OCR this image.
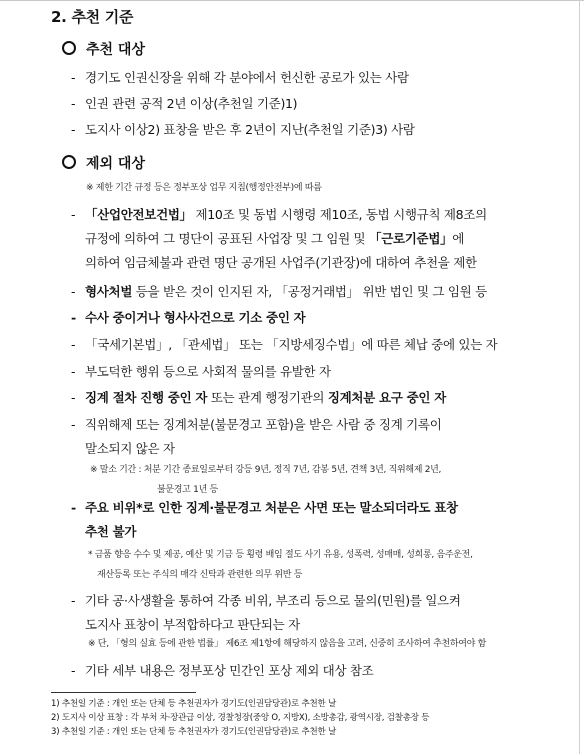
2. 추천 기준
추천 대상
- 경기도 인권신장을 위해 각 분야에서 헌신한 공로가 있는 사람
- 인권 관련 공적 2년 이상(추천일 기준)1)
- 도지사 이상2) 표창을 받은 후 2년이 지난(추천일 기준)3) 사람
제외 대상
※ 제한 기간 규정 등은 정부포상 업무 지침(행정안전부)에 따름
- 「산업안전보건법」 제10조 및 동법 시행령 제10조, 동법 시행규칙 제8조의
규정에 의하여 그 명단이 공표된 사업장 및 그 임원 및 「근로기준법」에
의하여 임금체불과 관련 명단 공개된 사업주(기관장)에 대하여 추천을 제한
- 형사처벌 등을 받은 것이 인지된 자, 「공정거래법」 위반 법인 및 그 임원 등
- 수사 중이거나 형사사건으로 기소 중인 자
- 「국세기본법」, 「관세법」 또는 「지방세징수법」에 따른 체납 중에 있는 자
- 부도덕한 행위 등으로 사회적 물의를 유발한 자
- 징계 절차 진행 중인 자 또는 관계 행정기관의 징계처분 요구 중인 자
- 직위해제 또는 징계처분(불문경고 포함)을 받은 사람 중 징계 기록이
말소되지 않은 자
※ 말소 기간 : 처분 기간 종료일로부터 강등 9년, 정직 7년, 감봉 5년, 견책 3년, 직위해제 2년,
불문경고 1년 등
- 주요 비위*로 인한 징계·불문경고 처분은 사면 또는 말소되더라도 표창
추천 불가
* 금품 향응 수수 및 제공, 예산 및 기금 등 횡령 배임 절도 사기 유용, 성폭력, 성매매, 성희롱, 음주운전,
재산등록 또는 주식의 매각 신탁과 관련한 의무 위반 등
- 기타 공·사생활을 통하여 각종 비위, 부조리 등으로 물의(민원)를 일으켜
도지사 표창이 부적합하다고 판단되는 자
※ 단, 「형의 실효 등에 관한 법률」 제6조 제1항에 해당하지 않음을 고려, 신중히 조사하여 추천하여야 함
- 기타 세부 내용은 정부포상 민간인 포상 제외 대상 참조
1) 추천일 기준 : 개인 또는 단체 등 추천권자가 경기도(인권담당관)로 추천한 날
2) 도지사 이상 표창 : 각 부처 차·장관급 이상, 경찰청장(중앙 O, 지방X), 소방총감, 광역시장, 검찰총장 등
3) 추천일 기준 : 개인 또는 단체 등 추천권자가 경기도(인권담당관)로 추천한 날
